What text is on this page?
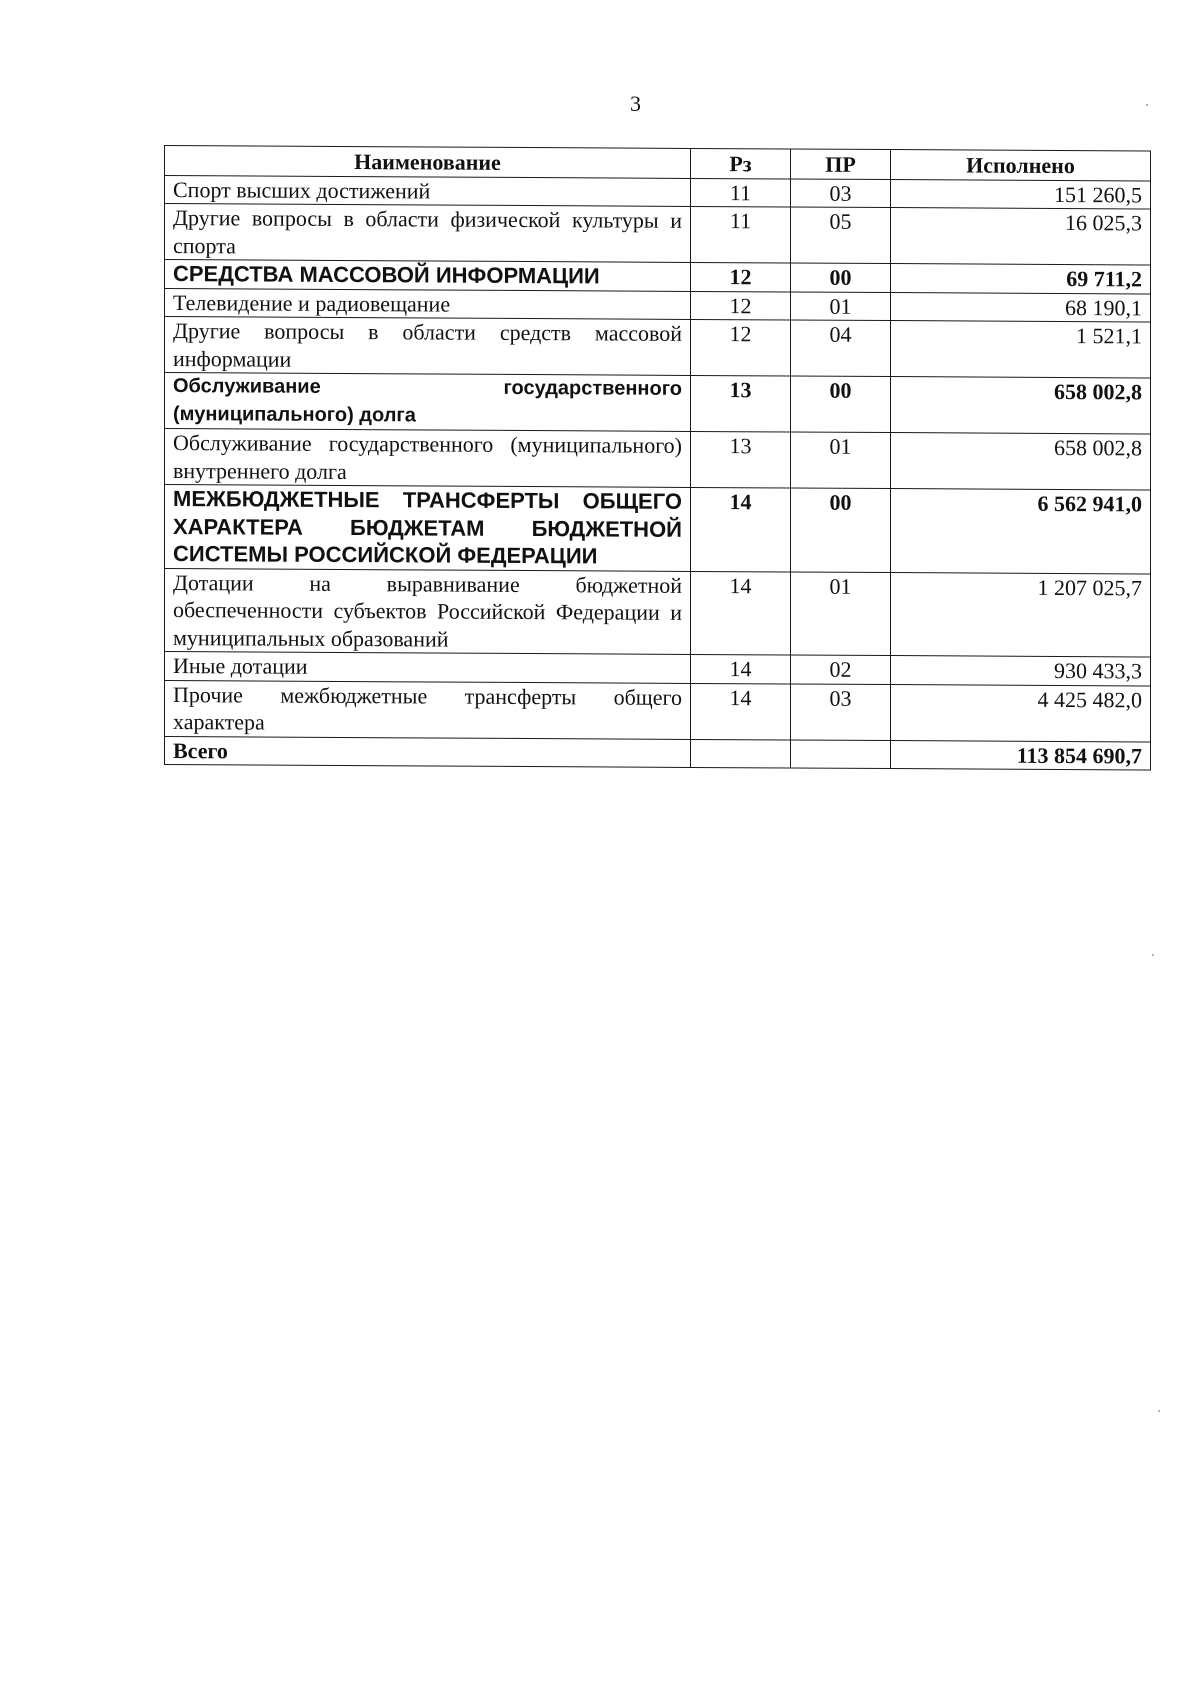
3
Наименование	Рз	ПР	Исполнено
Спорт высших достижений	11	03	151 260,5
Другие вопросы в области физической культуры и спорта	11	05	16 025,3
СРЕДСТВА МАССОВОЙ ИНФОРМАЦИИ	12	00	69 711,2
Телевидение и радиовещание	12	01	68 190,1
Другие вопросы в области средств массовой информации	12	04	1 521,1
Обслуживание государственного (муниципального) долга	13	00	658 002,8
Обслуживание государственного (муниципального) внутреннего долга	13	01	658 002,8
МЕЖБЮДЖЕТНЫЕ ТРАНСФЕРТЫ ОБЩЕГО ХАРАКТЕРА БЮДЖЕТАМ БЮДЖЕТНОЙ СИСТЕМЫ РОССИЙСКОЙ ФЕДЕРАЦИИ	14	00	6 562 941,0
Дотации на выравнивание бюджетной обеспеченности субъектов Российской Федерации и муниципальных образований	14	01	1 207 025,7
Иные дотации	14	02	930 433,3
Прочие межбюджетные трансферты общего характера	14	03	4 425 482,0
Всего			113 854 690,7
